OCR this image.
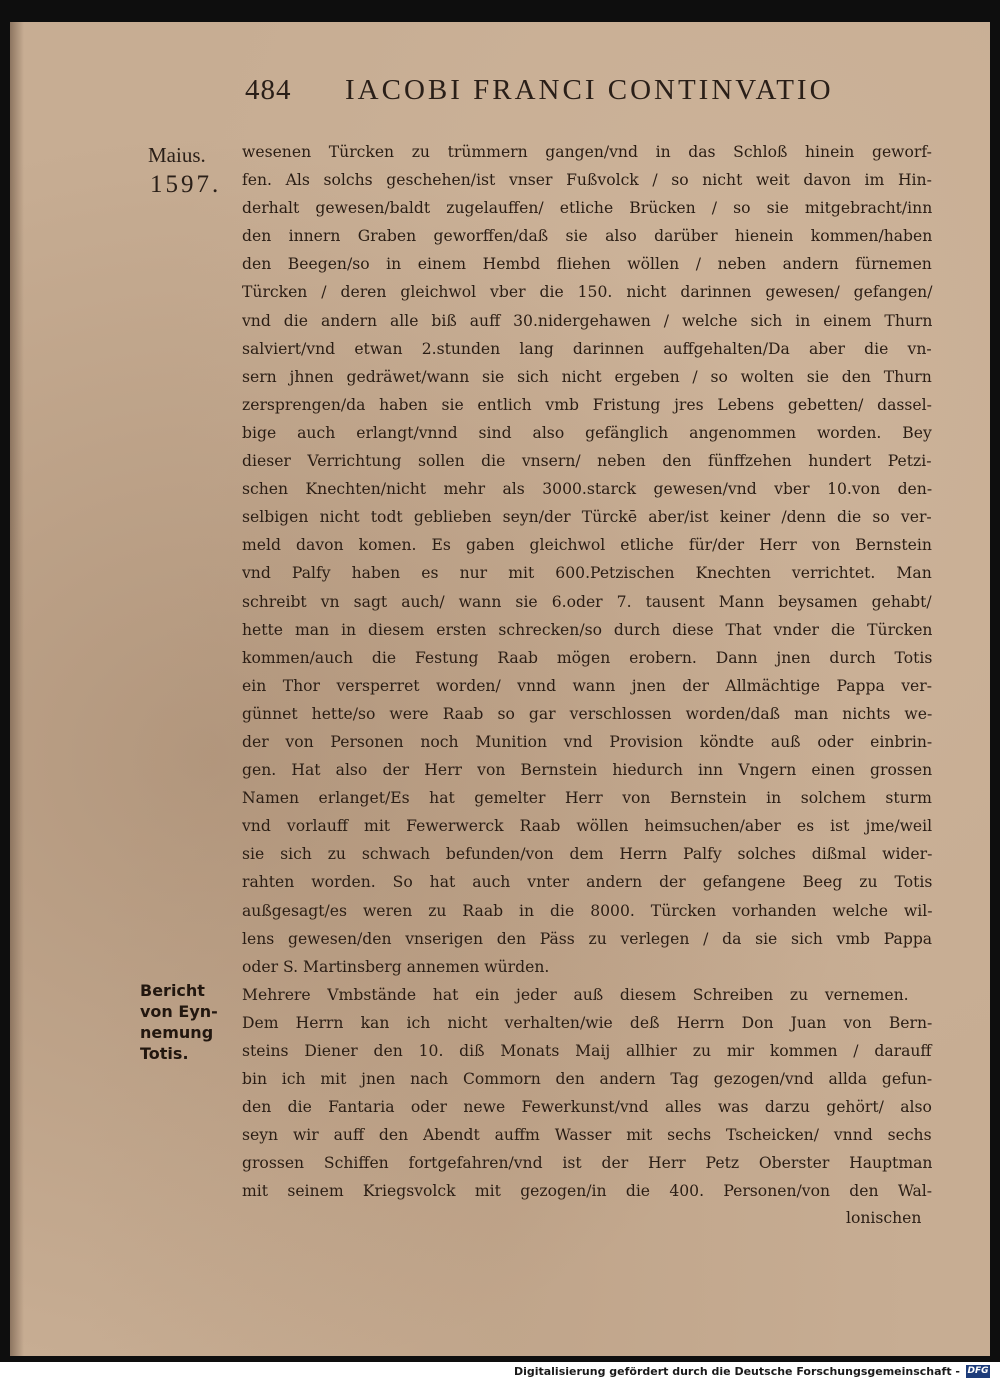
484 IACOBI FRANCI CONTINVATIO
Maius.
1597.
Bericht
von Eyn-
nemung
Totis.
wesenen Türcken zu trümmern gangen/vnd in das Schloß hinein geworf-
fen. Als solchs geschehen/ist vnser Fußvolck / so nicht weit davon im Hin-
derhalt gewesen/baldt zugelauffen/ etliche Brücken / so sie mitgebracht/inn
den innern Graben geworffen/daß sie also darüber hienein kommen/haben
den Beegen/so in einem Hembd fliehen wöllen / neben andern fürnemen
Türcken / deren gleichwol vber die 150. nicht darinnen gewesen/ gefangen/
vnd die andern alle biß auff 30.nidergehawen / welche sich in einem Thurn
salviert/vnd etwan 2.stunden lang darinnen auffgehalten/Da aber die vn-
sern jhnen gedräwet/wann sie sich nicht ergeben / so wolten sie den Thurn
zersprengen/da haben sie entlich vmb Fristung jres Lebens gebetten/ dassel-
bige auch erlangt/vnnd sind also gefänglich angenommen worden. Bey
dieser Verrichtung sollen die vnsern/ neben den fünffzehen hundert Petzi-
schen Knechten/nicht mehr als 3000.starck gewesen/vnd vber 10.von den-
selbigen nicht todt geblieben seyn/der Türckē aber/ist keiner /denn die so ver-
meld davon komen. Es gaben gleichwol etliche für/der Herr von Bernstein
vnd Palfy haben es nur mit 600.Petzischen Knechten verrichtet. Man
schreibt vn sagt auch/ wann sie 6.oder 7. tausent Mann beysamen gehabt/
hette man in diesem ersten schrecken/so durch diese That vnder die Türcken
kommen/auch die Festung Raab mögen erobern. Dann jnen durch Totis
ein Thor versperret worden/ vnnd wann jnen der Allmächtige Pappa ver-
günnet hette/so were Raab so gar verschlossen worden/daß man nichts we-
der von Personen noch Munition vnd Provision köndte auß oder einbrin-
gen. Hat also der Herr von Bernstein hiedurch inn Vngern einen grossen
Namen erlanget/Es hat gemelter Herr von Bernstein in solchem sturm
vnd vorlauff mit Fewerwerck Raab wöllen heimsuchen/aber es ist jme/weil
sie sich zu schwach befunden/von dem Herrn Palfy solches dißmal wider-
rahten worden. So hat auch vnter andern der gefangene Beeg zu Totis
außgesagt/es weren zu Raab in die 8000. Türcken vorhanden welche wil-
lens gewesen/den vnserigen den Päss zu verlegen / da sie sich vmb Pappa
oder S. Martinsberg annemen würden.
Mehrere Vmbstände hat ein jeder auß diesem Schreiben zu vernemen.
Dem Herrn kan ich nicht verhalten/wie deß Herrn Don Juan von Bern-
steins Diener den 10. diß Monats Maij allhier zu mir kommen / darauff
bin ich mit jnen nach Commorn den andern Tag gezogen/vnd allda gefun-
den die Fantaria oder newe Fewerkunst/vnd alles was darzu gehört/ also
seyn wir auff den Abendt auffm Wasser mit sechs Tscheicken/ vnnd sechs
grossen Schiffen fortgefahren/vnd ist der Herr Petz Oberster Hauptman
mit seinem Kriegsvolck mit gezogen/in die 400. Personen/von den Wal-
lonischen
Digitalisierung gefördert durch die Deutsche Forschungsgemeinschaft - DFG
